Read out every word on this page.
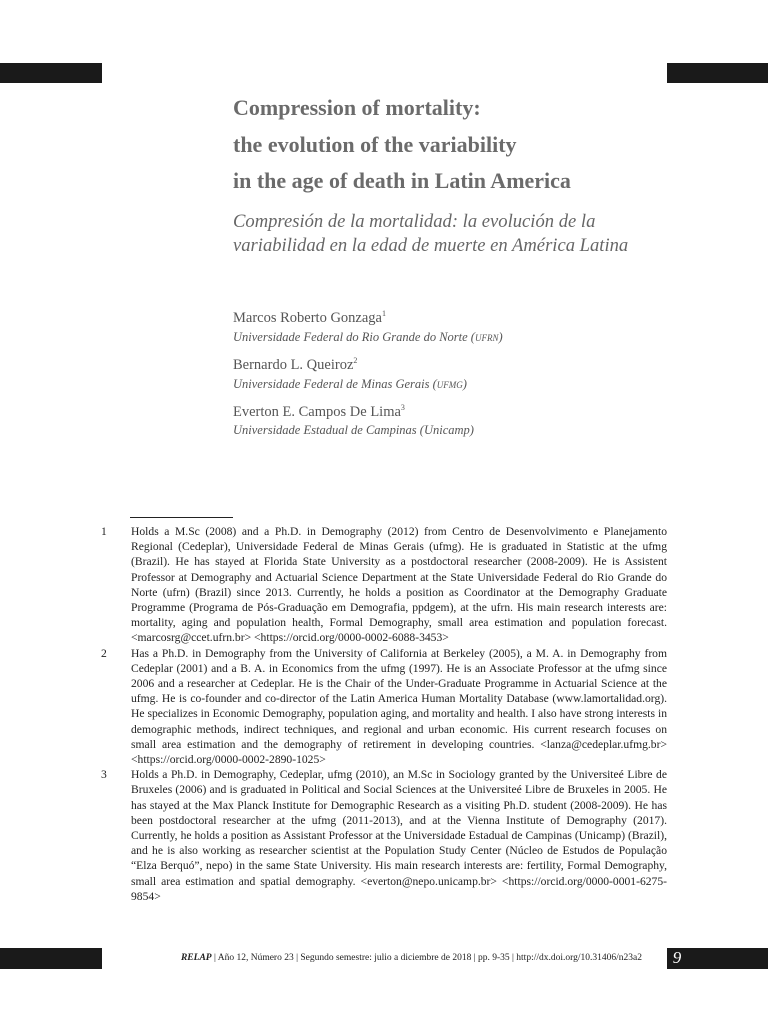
Compression of mortality:
the evolution of the variability
in the age of death in Latin America
Compresión de la mortalidad: la evolución de la variabilidad en la edad de muerte en América Latina
Marcos Roberto Gonzaga$^1$
Universidade Federal do Rio Grande do Norte (ufrn)
Bernardo L. Queiroz$^2$
Universidade Federal de Minas Gerais (ufmg)
Everton E. Campos De Lima$^3$
Universidade Estadual de Campinas (Unicamp)
1	Holds a M.Sc (2008) and a Ph.D. in Demography (2012) from Centro de Desenvolvimento e Planejamento Regional (Cedeplar), Universidade Federal de Minas Gerais (ufmg). He is graduated in Statistic at the ufmg (Brazil). He has stayed at Florida State University as a postdoctoral researcher (2008-2009). He is Assistent Professor at Demography and Actuarial Science Department at the State Universidade Federal do Rio Grande do Norte (ufrn) (Brazil) since 2013. Currently, he holds a position as Coordinator at the Demography Graduate Programme (Programa de Pós-Graduação em Demografia, ppdgem), at the ufrn. His main research interests are: mortality, aging and population health, Formal Demography, small area estimation and population forecast. <marcosrg@ccet.ufrn.br> <https://orcid.org/0000-0002-6088-3453>
2	Has a Ph.D. in Demography from the University of California at Berkeley (2005), a M. A. in Demography from Cedeplar (2001) and a B. A. in Economics from the ufmg (1997). He is an Associate Professor at the ufmg since 2006 and a researcher at Cedeplar. He is the Chair of the Under-Graduate Programme in Actuarial Science at the ufmg. He is co-founder and co-director of the Latin America Human Mortality Database (www.lamortalidad.org). He specializes in Economic Demography, population aging, and mortality and health. I also have strong interests in demographic methods, indirect techniques, and regional and urban economic. His current research focuses on small area estimation and the demography of retirement in developing countries. <lanza@cedeplar.ufmg.br> <https://orcid.org/0000-0002-2890-1025>
3	Holds a Ph.D. in Demography, Cedeplar, ufmg (2010), an M.Sc in Sociology granted by the Universiteé Libre de Bruxeles (2006) and is graduated in Political and Social Sciences at the Universiteé Libre de Bruxeles in 2005. He has stayed at the Max Planck Institute for Demographic Research as a visiting Ph.D. student (2008-2009). He has been postdoctoral researcher at the ufmg (2011-2013), and at the Vienna Institute of Demography (2017). Currently, he holds a position as Assistant Professor at the Universidade Estadual de Campinas (Unicamp) (Brazil), and he is also working as researcher scientist at the Population Study Center (Núcleo de Estudos de População “Elza Berquó”, nepo) in the same State University. His main research interests are: fertility, Formal Demography, small area estimation and spatial demography. <everton@nepo.unicamp.br> <https://orcid.org/0000-0001-6275-9854>
RELAP | Año 12, Número 23 | Segundo semestre: julio a diciembre de 2018 | pp. 9-35 | http://dx.doi.org/10.31406/n23a2	9
